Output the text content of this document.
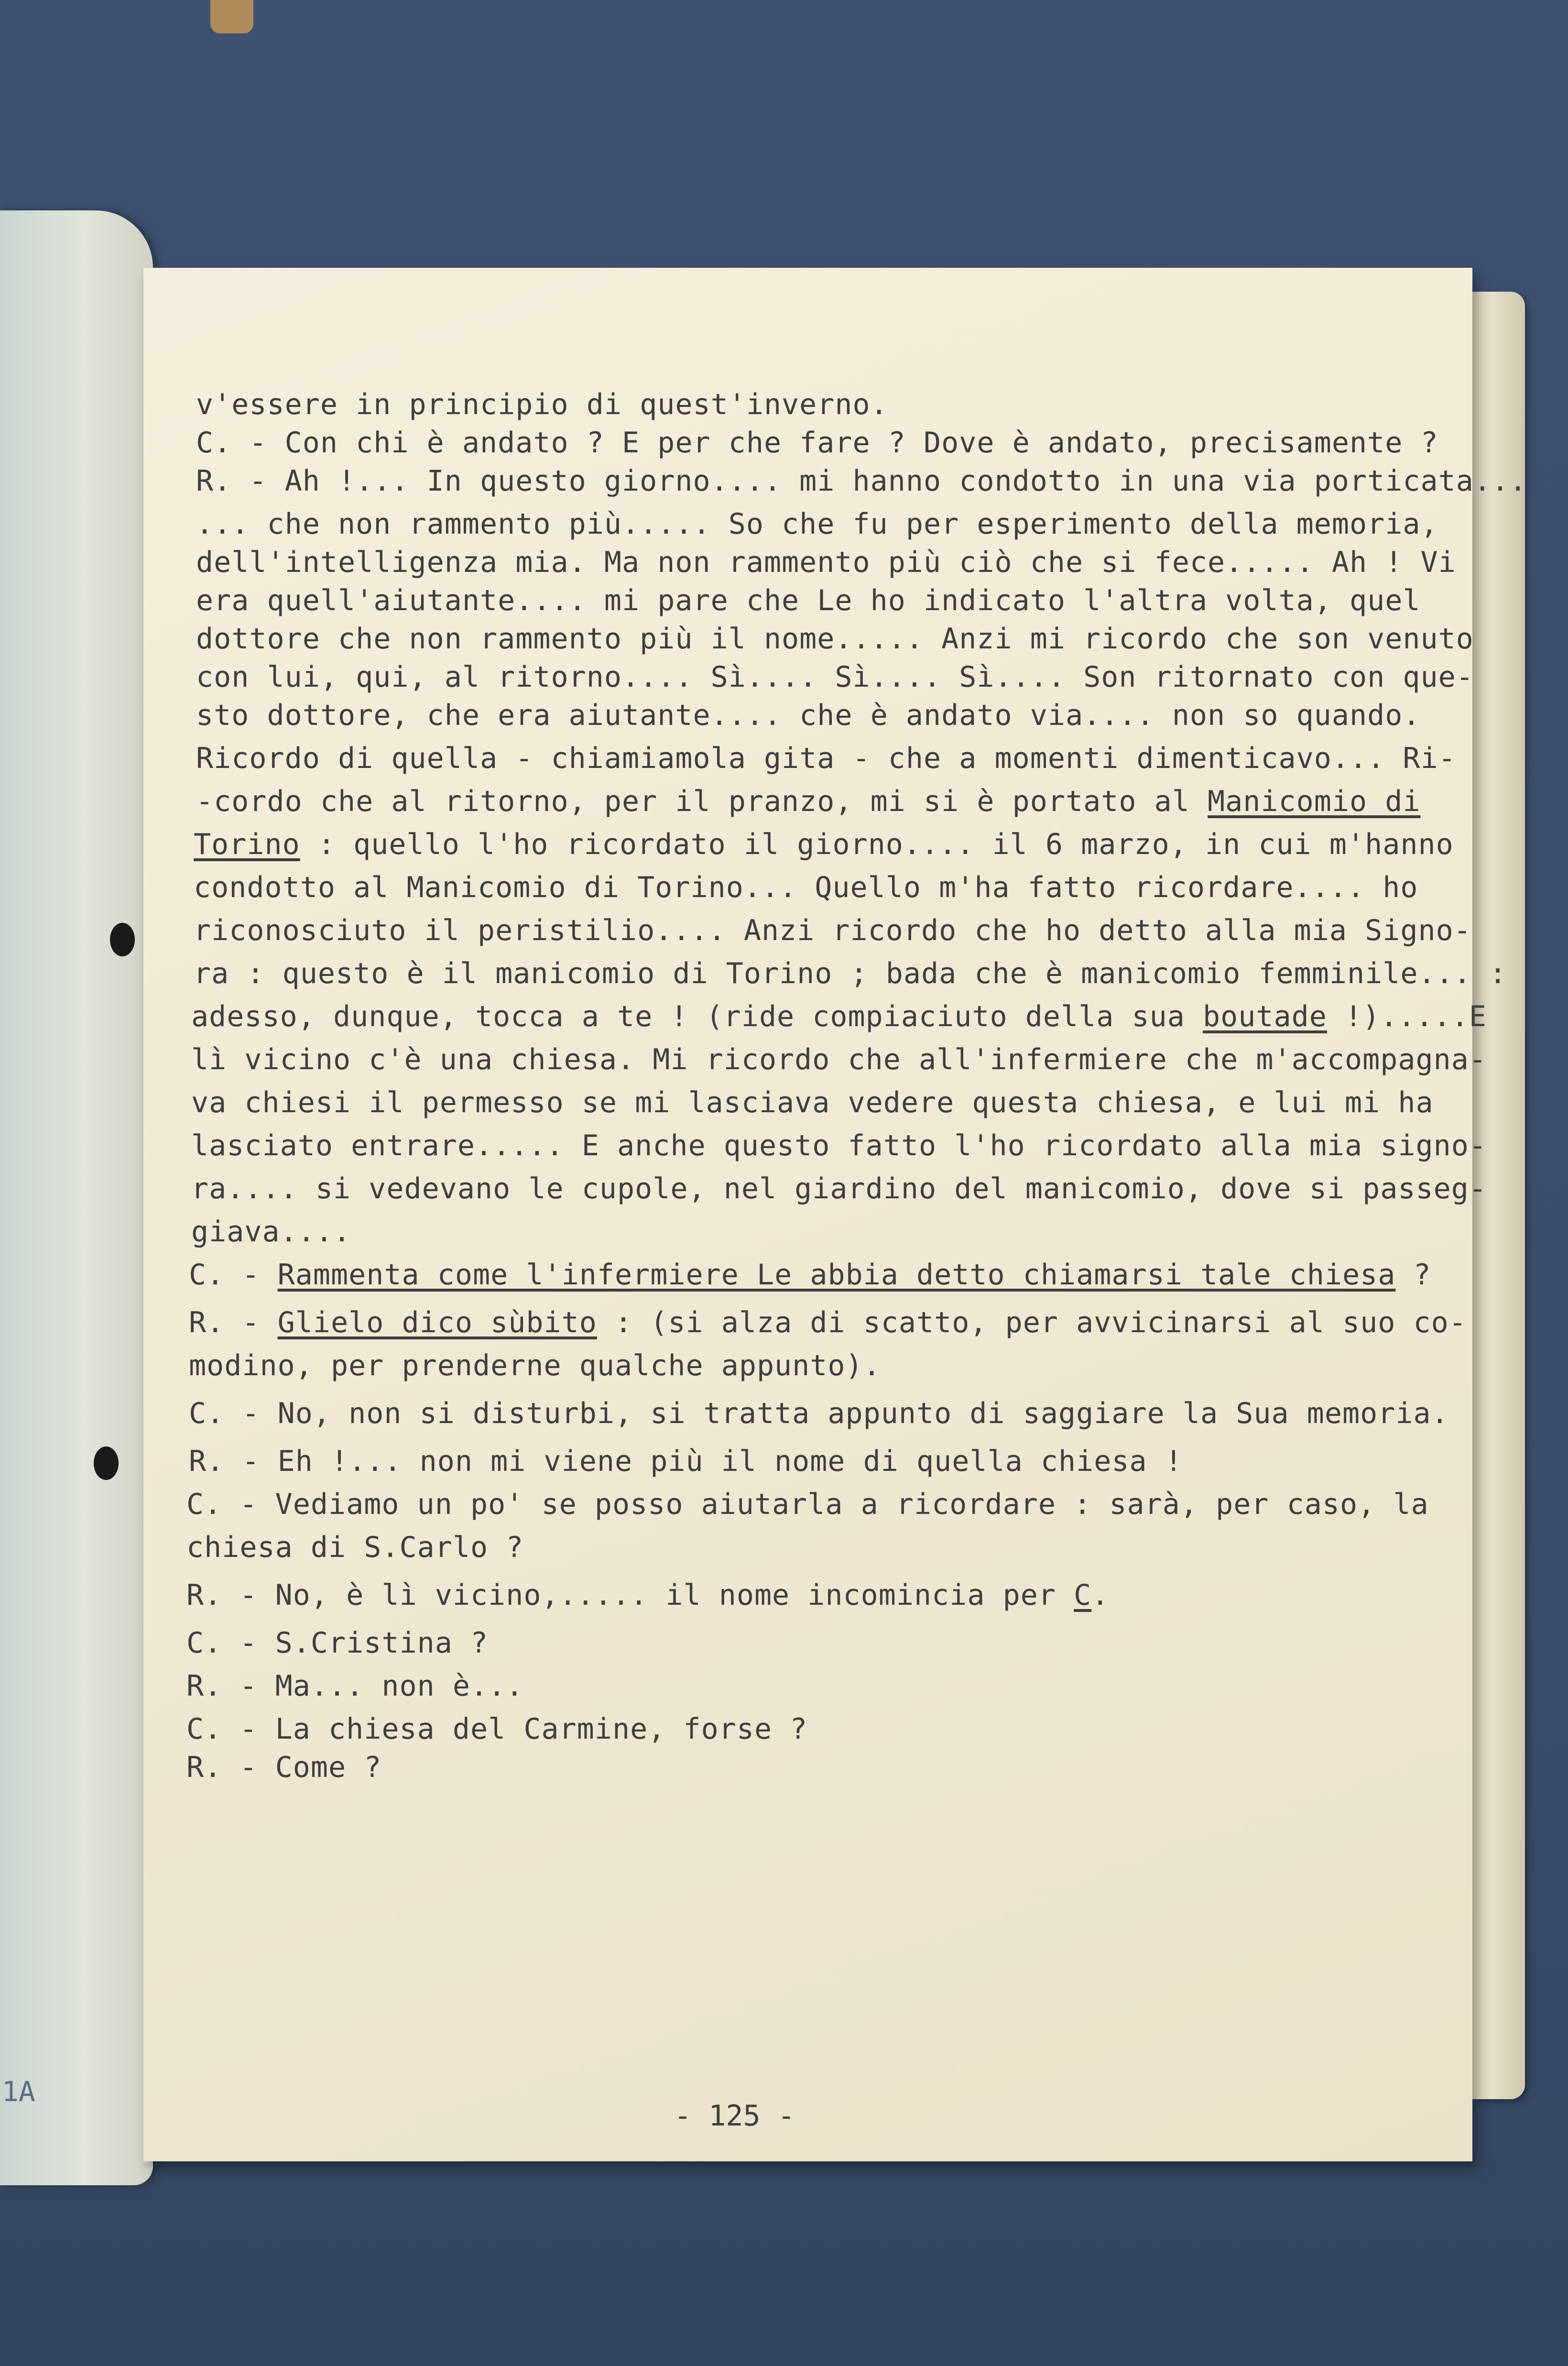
1A
v'essere in principio di quest'inverno.
C. - Con chi è andato ? E per che fare ? Dove è andato, precisamente ?
R. - Ah !... In questo giorno.... mi hanno condotto in una via porticata...
... che non rammento più..... So che fu per esperimento della memoria,
dell'intelligenza mia. Ma non rammento più ciò che si fece..... Ah ! Vi
era quell'aiutante.... mi pare che Le ho indicato l'altra volta, quel
dottore che non rammento più il nome..... Anzi mi ricordo che son venuto
con lui, qui, al ritorno.... Sì.... Sì.... Sì.... Son ritornato con que-
sto dottore, che era aiutante.... che è andato via.... non so quando.
Ricordo di quella - chiamiamola gita - che a momenti dimenticavo... Ri-
-cordo che al ritorno, per il pranzo, mi si è portato al Manicomio di
Torino : quello l'ho ricordato il giorno.... il 6 marzo, in cui m'hanno
condotto al Manicomio di Torino... Quello m'ha fatto ricordare.... ho
riconosciuto il peristilio.... Anzi ricordo che ho detto alla mia Signo-
ra : questo è il manicomio di Torino ; bada che è manicomio femminile... :
adesso, dunque, tocca a te ! (ride compiaciuto della sua boutade !).....E
lì vicino c'è una chiesa. Mi ricordo che all'infermiere che m'accompagna-
va chiesi il permesso se mi lasciava vedere questa chiesa, e lui mi ha
lasciato entrare..... E anche questo fatto l'ho ricordato alla mia signo-
ra.... si vedevano le cupole, nel giardino del manicomio, dove si passeg-
giava....
C. - Rammenta come l'infermiere Le abbia detto chiamarsi tale chiesa ?
R. - Glielo dico sùbito : (si alza di scatto, per avvicinarsi al suo co-
modino, per prenderne qualche appunto).
C. - No, non si disturbi, si tratta appunto di saggiare la Sua memoria.
R. - Eh !... non mi viene più il nome di quella chiesa !
C. - Vediamo un po' se posso aiutarla a ricordare : sarà, per caso, la
chiesa di S.Carlo ?
R. - No, è lì vicino,..... il nome incomincia per C.
C. - S.Cristina ?
R. - Ma... non è...
C. - La chiesa del Carmine, forse ?
R. - Come ?
- 125 -
